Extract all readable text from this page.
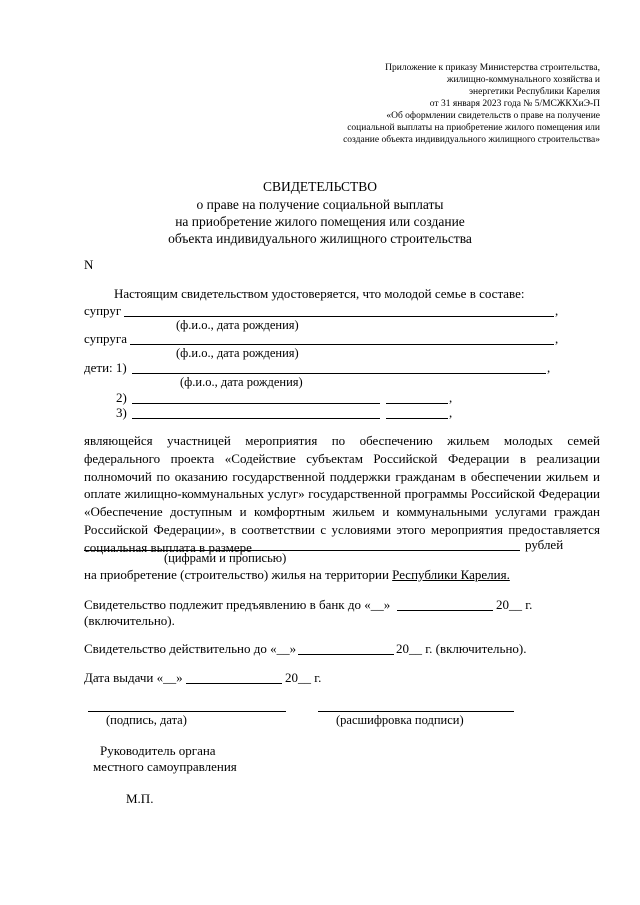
Приложение к приказу Министерства строительства,
жилищно-коммунального хозяйства и
энергетики Республики Карелия
от 31 января 2023 года № 5/МСЖКХиЭ-П
«Об оформлении свидетельств о праве на получение
социальной выплаты на приобретение жилого помещения или
создание объекта индивидуального жилищного строительства»
СВИДЕТЕЛЬСТВО
о праве на получение социальной выплаты
на приобретение жилого помещения или создание
объекта индивидуального жилищного строительства
N
Настоящим свидетельством удостоверяется, что молодой семье в составе:
супруг	,
(ф.и.о., дата рождения)
супруга	,
(ф.и.о., дата рождения)
дети: 1)	,
(ф.и.о., дата рождения)
2)	,
3)	,
являющейся участницей мероприятия по обеспечению жильем молодых семей федерального проекта «Содействие субъектам Российской Федерации в реализации полномочий по оказанию государственной поддержки гражданам в обеспечении жильем и оплате жилищно-коммунальных услуг» государственной программы Российской Федерации «Обеспечение доступным и комфортным жильем и коммунальными услугами граждан Российской Федерации», в соответствии с условиями этого мероприятия предоставляется социальная выплата в размере	рублей
(цифрами и прописью)
на приобретение (строительство) жилья на территории Республики Карелия.
Свидетельство подлежит предъявлению в банк до «__»	20__ г.
(включительно).
Свидетельство действительно до «__»	20__ г. (включительно).
Дата выдачи «__»	20__ г.
(подпись, дата)	(расшифровка подписи)
Руководитель органа
местного самоуправления
М.П.
